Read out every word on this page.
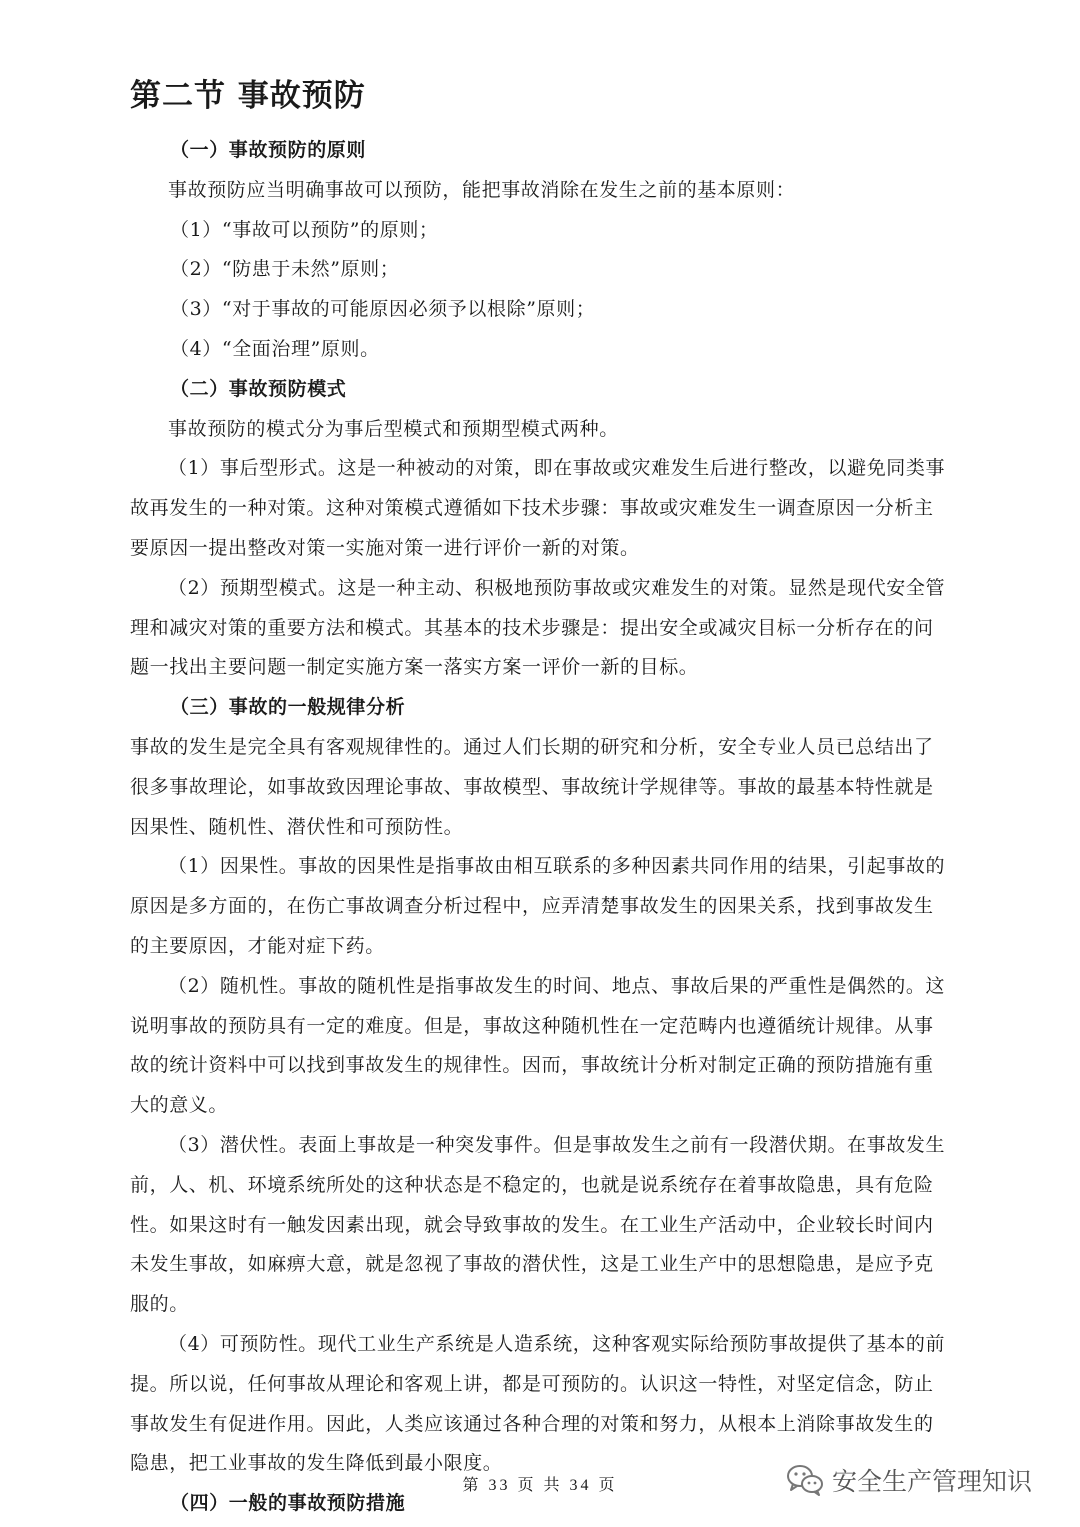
第二节 事故预防

（一）事故预防的原则

事故预防应当明确事故可以预防，能把事故消除在发生之前的基本原则：

（1）“事故可以预防”的原则；

（2）“防患于未然”原则；

（3）“对于事故的可能原因必须予以根除”原则；

（4）“全面治理”原则。

（二）事故预防模式

事故预防的模式分为事后型模式和预期型模式两种。

（1）事后型形式。这是一种被动的对策，即在事故或灾难发生后进行整改，以避免同类事故再发生的一种对策。这种对策模式遵循如下技术步骤：事故或灾难发生一调查原因一分析主要原因一提出整改对策一实施对策一进行评价一新的对策。

（2）预期型模式。这是一种主动、积极地预防事故或灾难发生的对策。显然是现代安全管理和减灾对策的重要方法和模式。其基本的技术步骤是：提出安全或减灾目标一分析存在的问题一找出主要问题一制定实施方案一落实方案一评价一新的目标。

（三）事故的一般规律分析

事故的发生是完全具有客观规律性的。通过人们长期的研究和分析，安全专业人员已总结出了很多事故理论，如事故致因理论事故、事故模型、事故统计学规律等。事故的最基本特性就是因果性、随机性、潜伏性和可预防性。

（1）因果性。事故的因果性是指事故由相互联系的多种因素共同作用的结果，引起事故的原因是多方面的，在伤亡事故调查分析过程中，应弄清楚事故发生的因果关系，找到事故发生的主要原因，才能对症下药。

（2）随机性。事故的随机性是指事故发生的时间、地点、事故后果的严重性是偶然的。这说明事故的预防具有一定的难度。但是，事故这种随机性在一定范畴内也遵循统计规律。从事故的统计资料中可以找到事故发生的规律性。因而，事故统计分析对制定正确的预防措施有重大的意义。

（3）潜伏性。表面上事故是一种突发事件。但是事故发生之前有一段潜伏期。在事故发生前，人、机、环境系统所处的这种状态是不稳定的，也就是说系统存在着事故隐患，具有危险性。如果这时有一触发因素出现，就会导致事故的发生。在工业生产活动中，企业较长时间内未发生事故，如麻痹大意，就是忽视了事故的潜伏性，这是工业生产中的思想隐患，是应予克服的。

（4）可预防性。现代工业生产系统是人造系统，这种客观实际给预防事故提供了基本的前提。所以说，任何事故从理论和客观上讲，都是可预防的。认识这一特性，对坚定信念，防止事故发生有促进作用。因此，人类应该通过各种合理的对策和努力，从根本上消除事故发生的隐患，把工业事故的发生降低到最小限度。

（四）一般的事故预防措施

第 33 页 共 34 页	安全生产管理知识
